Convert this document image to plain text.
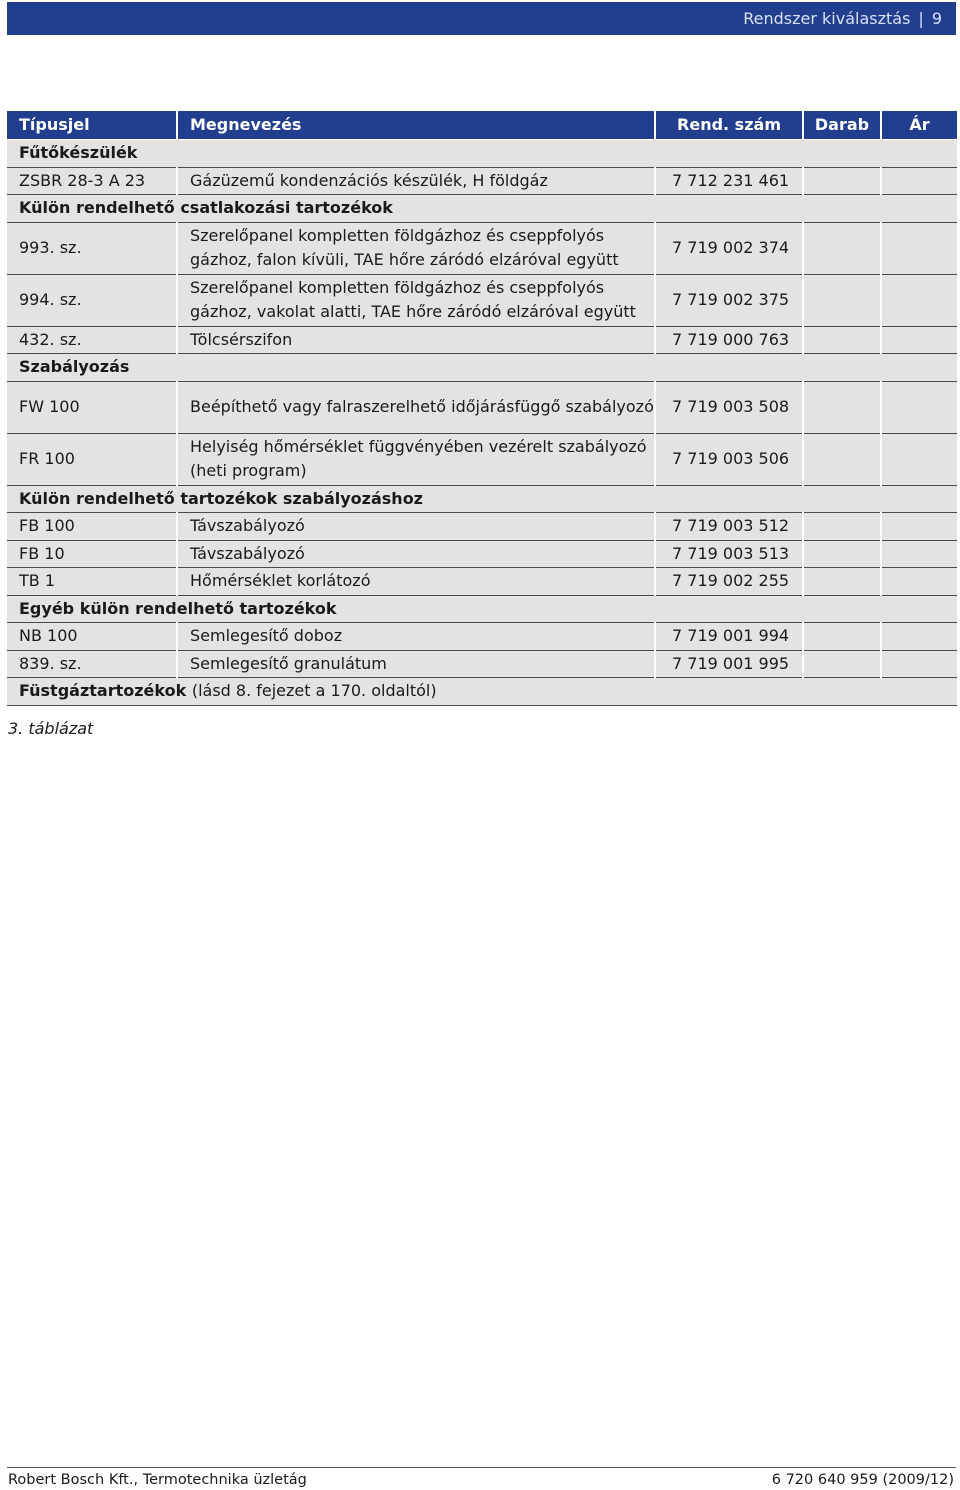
Rendszer kiválasztás | 9
Típusjel	Megnevezés	Rend. szám	Darab	Ár
Fűtőkészülék				
ZSBR 28-3 A 23	Gázüzemű kondenzációs készülék, H földgáz	7 712 231 461		
Külön rendelhető csatlakozási tartozékok				
993. sz.	Szerelőpanel kompletten földgázhoz és cseppfolyós gázhoz, falon kívüli, TAE hőre záródó elzáróval együtt	7 719 002 374		
994. sz.	Szerelőpanel kompletten földgázhoz és cseppfolyós gázhoz, vakolat alatti, TAE hőre záródó elzáróval együtt	7 719 002 375		
432. sz.	Tölcsérszifon	7 719 000 763		
Szabályozás				
FW 100	Beépíthető vagy falraszerelhető időjárásfüggő szabályozó	7 719 003 508		
FR 100	Helyiség hőmérséklet függvényében vezérelt szabályozó (heti program)	7 719 003 506		
Külön rendelhető tartozékok szabályozáshoz				
FB 100	Távszabályozó	7 719 003 512		
FB 10	Távszabályozó	7 719 003 513		
TB 1	Hőmérséklet korlátozó	7 719 002 255		
Egyéb külön rendelhető tartozékok				
NB 100	Semlegesítő doboz	7 719 001 994		
839. sz.	Semlegesítő granulátum	7 719 001 995		
Füstgáztartozékok (lásd 8. fejezet a 170. oldaltól)				
3. táblázat
Robert Bosch Kft., Termotechnika üzletág	6 720 640 959 (2009/12)
